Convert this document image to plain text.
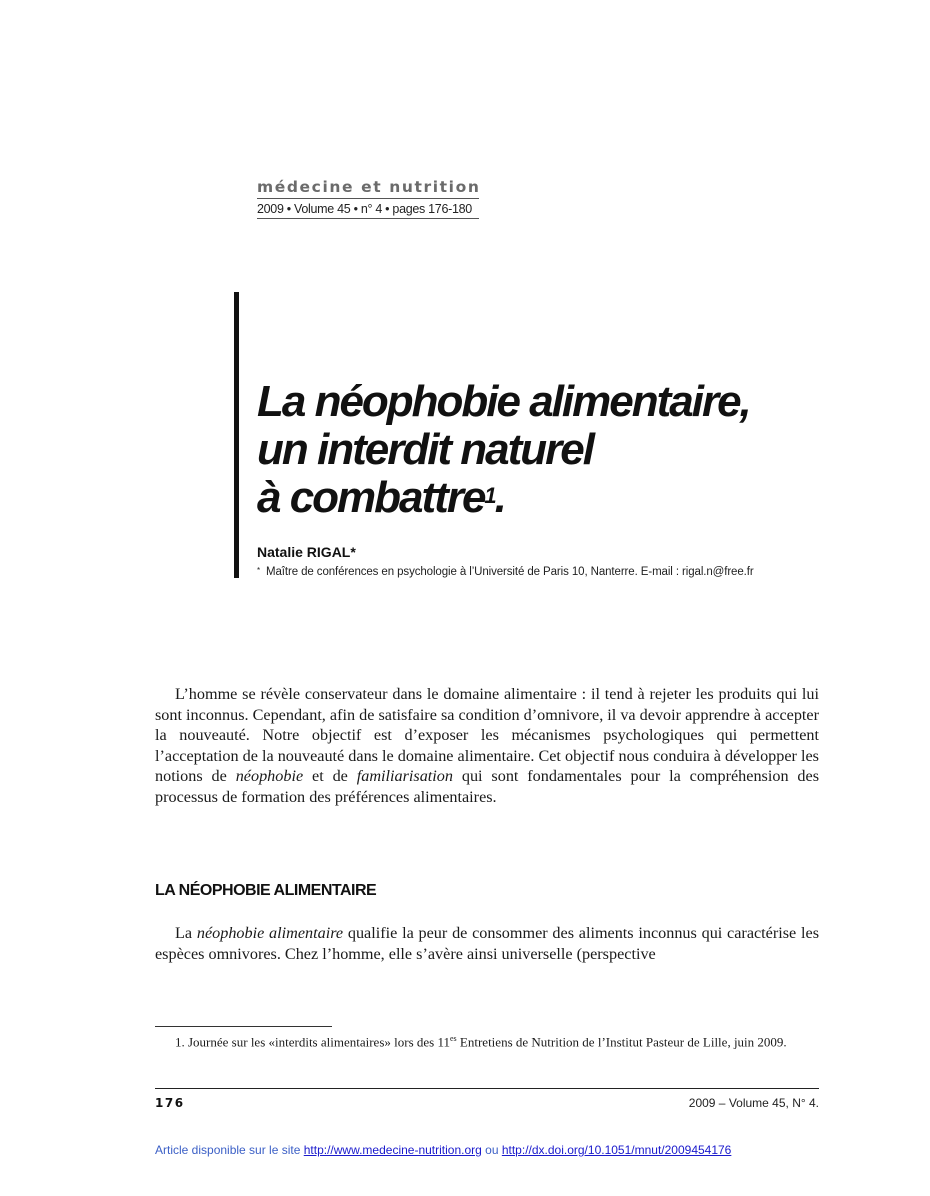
médecine et nutrition
2009 • Volume 45 • n° 4 • pages 176-180
La néophobie alimentaire,
un interdit naturel
à combattre$^1$.
Natalie RIGAL*
* Maître de conférences en psychologie à l’Université de Paris 10, Nanterre. E-mail : rigal.n@free.fr

L’homme se révèle conservateur dans le domaine alimentaire : il tend à rejeter les produits qui lui sont inconnus. Cependant, afin de satisfaire sa condition d’omnivore, il va devoir apprendre à accepter la nouveauté. Notre objectif est d’exposer les mécanismes psychologiques qui permettent l’acceptation de la nouveauté dans le domaine alimentaire. Cet objectif nous conduira à développer les notions de néophobie et de familiarisation qui sont fondamentales pour la compréhension des processus de formation des préférences alimentaires.

LA NÉOPHOBIE ALIMENTAIRE

La néophobie alimentaire qualifie la peur de consommer des aliments inconnus qui caractérise les espèces omnivores. Chez l’homme, elle s’avère ainsi universelle (perspective

1. Journée sur les «interdits alimentaires» lors des $11^{es}$ Entretiens de Nutrition de l’Institut Pasteur de Lille, juin 2009.

176	2009 – Volume 45, N° 4.
Article disponible sur le site http://www.medecine-nutrition.org ou http://dx.doi.org/10.1051/mnut/2009454176
